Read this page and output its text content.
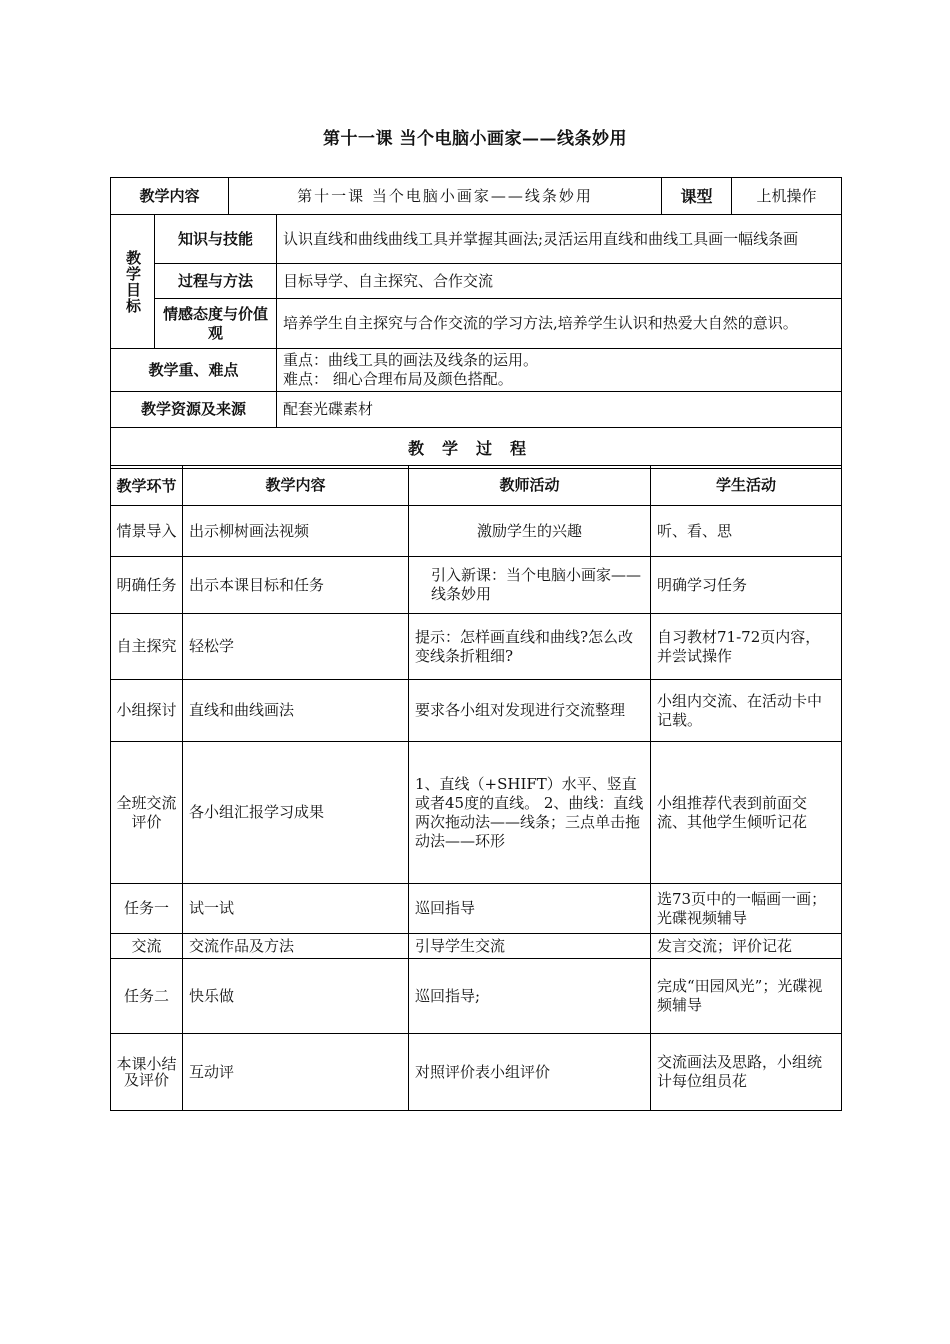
第十一课 当个电脑小画家——线条妙用
教学内容		第十一课 当个电脑小画家——线条妙用		课型	上机操作
教学目标	知识与技能		认识直线和曲线曲线工具并掌握其画法;灵活运用直线和曲线工具画一幅线条画		
	过程与方法		目标导学、自主探究、合作交流		
	情感态度与价值观		培养学生自主探究与合作交流的学习方法,培养学生认识和热爱大自然的意识。		
教学重、难点			重点：曲线工具的画法及线条的运用。
难点： 细心合理布局及颜色搭配。		

教学资源及来源			配套光碟素材		
教学过程					
教学环节	教学内容	教师活动	学生活动
情景导入	出示柳树画法视频	激励学生的兴趣	听、看、思
明确任务	出示本课目标和任务	引入新课：当个电脑小画家——线条妙用	明确学习任务
自主探究	轻松学	提示：怎样画直线和曲线?怎么改变线条折粗细?	自习教材71-72页内容，并尝试操作
小组探讨	直线和曲线画法	要求各小组对发现进行交流整理	小组内交流、在活动卡中记载。
全班交流评价	各小组汇报学习成果	1、直线（+SHIFT）水平、竖直或者45度的直线。 2、曲线：直线两次拖动法——线条；三点单击拖动法——环形	小组推荐代表到前面交流、其他学生倾听记花
任务一	试一试	巡回指导	选73页中的一幅画一画；光碟视频辅导
交流	交流作品及方法	引导学生交流	发言交流；评价记花
任务二	快乐做	巡回指导;	完成“田园风光”；光碟视频辅导
本课小结及评价	互动评	对照评价表小组评价	交流画法及思路，小组统计每位组员花
